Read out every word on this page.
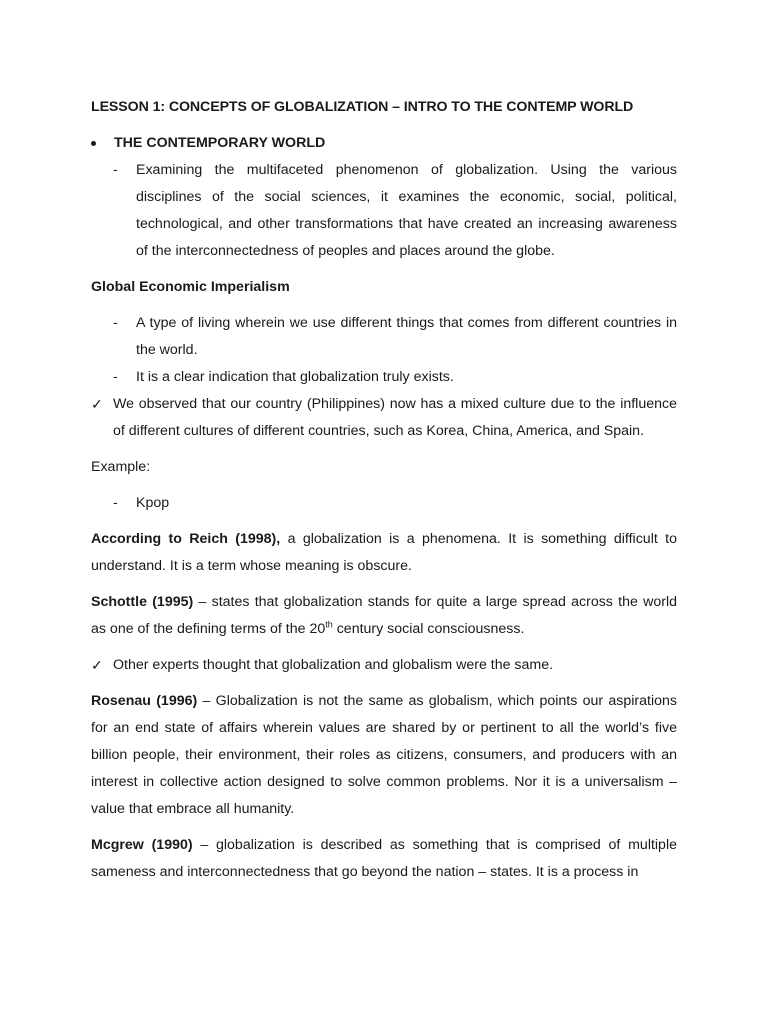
LESSON 1: CONCEPTS OF GLOBALIZATION – INTRO TO THE CONTEMP WORLD
THE CONTEMPORARY WORLD
- Examining the multifaceted phenomenon of globalization. Using the various disciplines of the social sciences, it examines the economic, social, political, technological, and other transformations that have created an increasing awareness of the interconnectedness of peoples and places around the globe.
Global Economic Imperialism
- A type of living wherein we use different things that comes from different countries in the world.
- It is a clear indication that globalization truly exists.
✓ We observed that our country (Philippines) now has a mixed culture due to the influence of different cultures of different countries, such as Korea, China, America, and Spain.
Example:
- Kpop
According to Reich (1998), a globalization is a phenomena. It is something difficult to understand. It is a term whose meaning is obscure.
Schottle (1995) – states that globalization stands for quite a large spread across the world as one of the defining terms of the 20th century social consciousness.
✓ Other experts thought that globalization and globalism were the same.
Rosenau (1996) – Globalization is not the same as globalism, which points our aspirations for an end state of affairs wherein values are shared by or pertinent to all the world’s five billion people, their environment, their roles as citizens, consumers, and producers with an interest in collective action designed to solve common problems. Nor it is a universalism – value that embrace all humanity.
Mcgrew (1990) – globalization is described as something that is comprised of multiple sameness and interconnectedness that go beyond the nation – states. It is a process in
